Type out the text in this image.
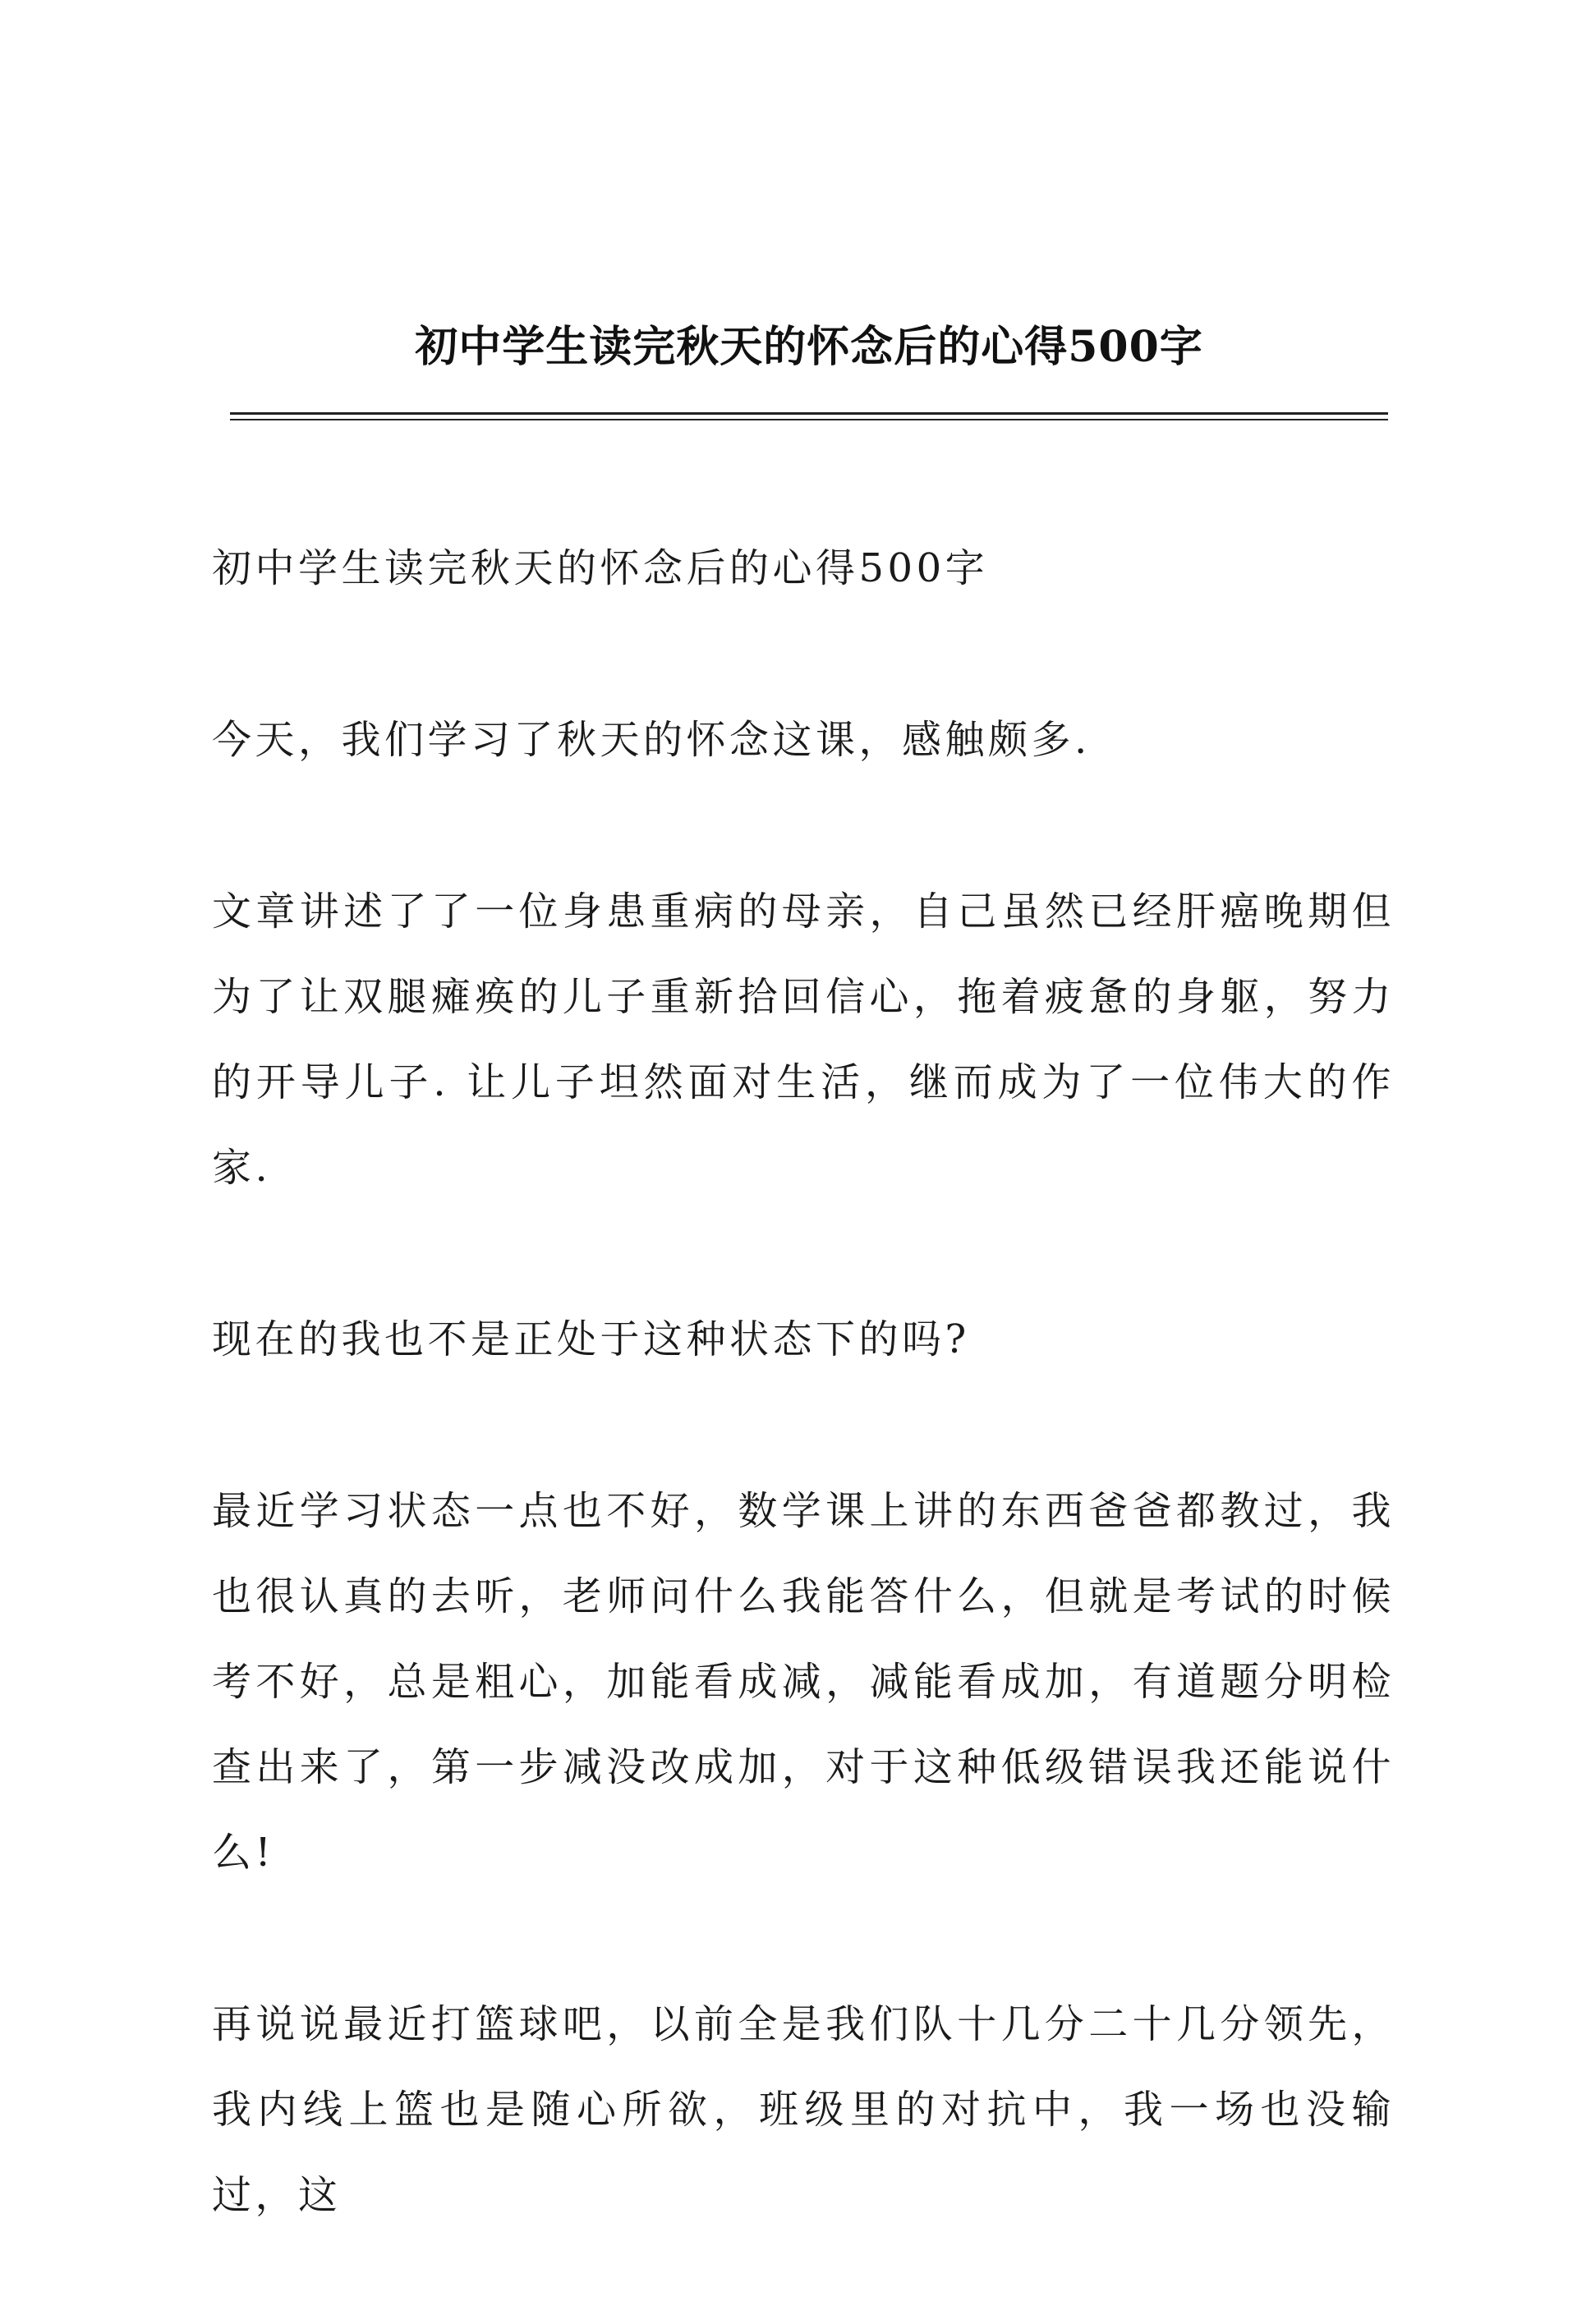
初中学生读完秋天的怀念后的心得500字

初中学生读完秋天的怀念后的心得500字

今天，我们学习了秋天的怀念这课，感触颇多.

文章讲述了了一位身患重病的母亲，自己虽然已经肝癌晚期但为了让双腿瘫痪的儿子重新拾回信心，拖着疲惫的身躯，努力的开导儿子. 让儿子坦然面对生活，继而成为了一位伟大的作家.

现在的我也不是正处于这种状态下的吗?

最近学习状态一点也不好，数学课上讲的东西爸爸都教过，我也很认真的去听，老师问什么我能答什么，但就是考试的时候考不好，总是粗心，加能看成减，减能看成加，有道题分明检查出来了，第一步减没改成加，对于这种低级错误我还能说什么!

再说说最近打篮球吧，以前全是我们队十几分二十几分领先，我内线上篮也是随心所欲，班级里的对抗中，我一场也没输过，这
